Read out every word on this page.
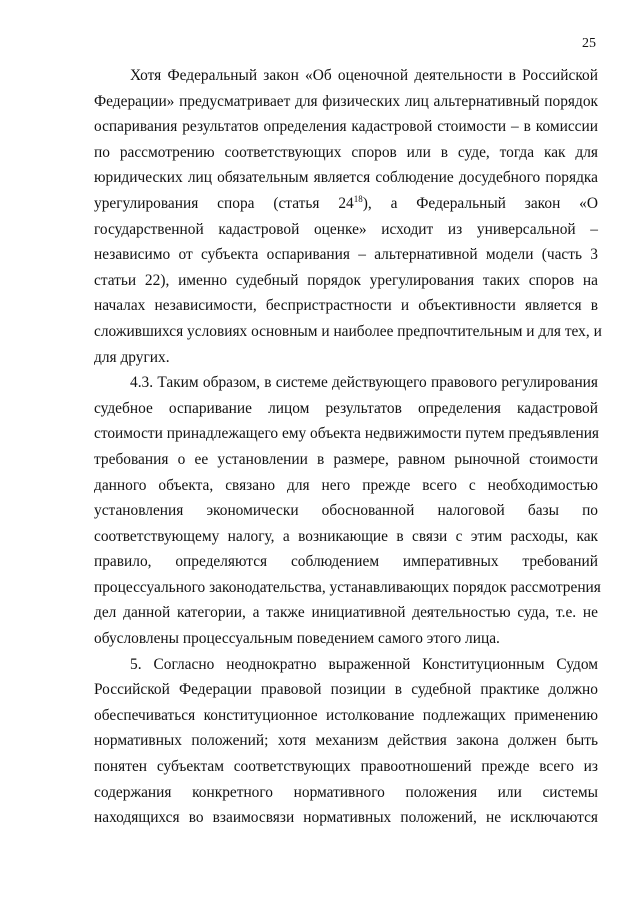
25
Хотя Федеральный закон «Об оценочной деятельности в Российской
Федерации» предусматривает для физических лиц альтернативный порядок
оспаривания результатов определения кадастровой стоимости – в комиссии
по рассмотрению соответствующих споров или в суде, тогда как для
юридических лиц обязательным является соблюдение досудебного порядка
урегулирования спора (статья $24^{18}$), а Федеральный закон «О
государственной кадастровой оценке» исходит из универсальной –
независимо от субъекта оспаривания – альтернативной модели (часть 3
статьи 22), именно судебный порядок урегулирования таких споров на
началах независимости, беспристрастности и объективности является в
сложившихся условиях основным и наиболее предпочтительным и для тех, и
для других.
4.3. Таким образом, в системе действующего правового регулирования
судебное оспаривание лицом результатов определения кадастровой
стоимости принадлежащего ему объекта недвижимости путем предъявления
требования о ее установлении в размере, равном рыночной стоимости
данного объекта, связано для него прежде всего с необходимостью
установления экономически обоснованной налоговой базы по
соответствующему налогу, а возникающие в связи с этим расходы, как
правило, определяются соблюдением императивных требований
процессуального законодательства, устанавливающих порядок рассмотрения
дел данной категории, а также инициативной деятельностью суда, т.е. не
обусловлены процессуальным поведением самого этого лица.
5. Согласно неоднократно выраженной Конституционным Судом
Российской Федерации правовой позиции в судебной практике должно
обеспечиваться конституционное истолкование подлежащих применению
нормативных положений; хотя механизм действия закона должен быть
понятен субъектам соответствующих правоотношений прежде всего из
содержания конкретного нормативного положения или системы
находящихся во взаимосвязи нормативных положений, не исключаются
